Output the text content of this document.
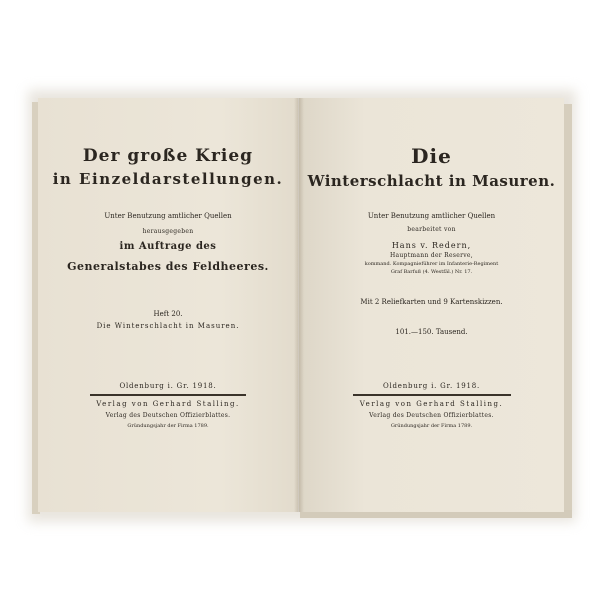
Der große Krieg
in Einzeldarstellungen.
Unter Benutzung amtlicher Quellen
herausgegeben
im Auftrage des
Generalstabes des Feldheeres.
Heft 20.
Die Winterschlacht in Masuren.
Oldenburg i. Gr. 1918.
Verlag von Gerhard Stalling.
Verlag des Deutschen Offizierblattes.
Gründungsjahr der Firma 1789.
Die
Winterschlacht in Masuren.
Unter Benutzung amtlicher Quellen
bearbeitet von
Hans v. Redern,
Hauptmann der Reserve,
kommand. Kompagnieführer im Infanterie-Regiment
Graf Barfuß (4. Westfäl.) Nr. 17.
Mit 2 Reliefkarten und 9 Kartenskizzen.
101.—150. Tausend.
Oldenburg i. Gr. 1918.
Verlag von Gerhard Stalling.
Verlag des Deutschen Offizierblattes.
Gründungsjahr der Firma 1789.
